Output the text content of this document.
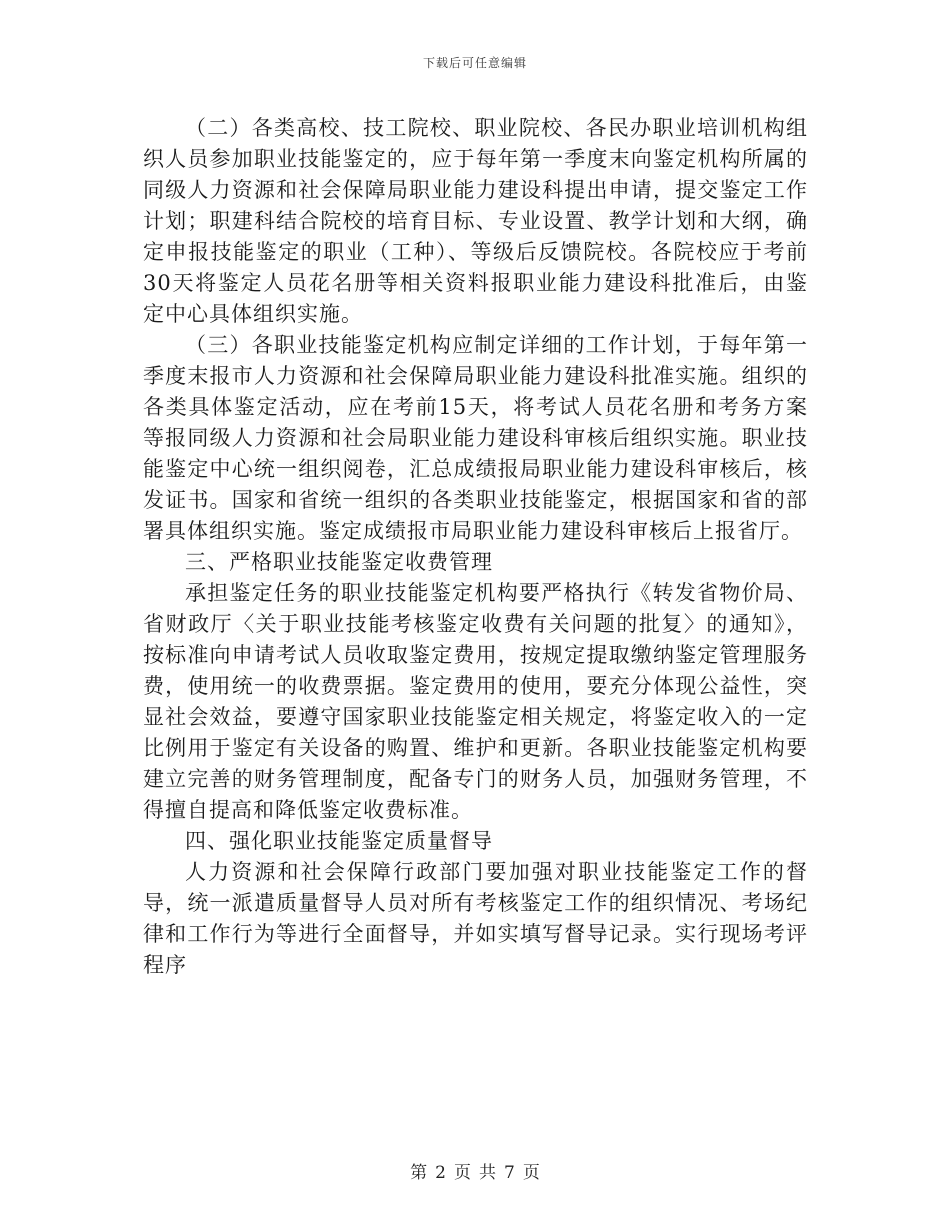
下载后可任意编辑

（二）各类高校、技工院校、职业院校、各民办职业培训机构组织人员参加职业技能鉴定的，应于每年第一季度末向鉴定机构所属的同级人力资源和社会保障局职业能力建设科提出申请，提交鉴定工作计划；职建科结合院校的培育目标、专业设置、教学计划和大纲，确定申报技能鉴定的职业（工种）、等级后反馈院校。各院校应于考前30天将鉴定人员花名册等相关资料报职业能力建设科批准后，由鉴定中心具体组织实施。

（三）各职业技能鉴定机构应制定详细的工作计划，于每年第一季度末报市人力资源和社会保障局职业能力建设科批准实施。组织的各类具体鉴定活动，应在考前15天，将考试人员花名册和考务方案等报同级人力资源和社会局职业能力建设科审核后组织实施。职业技能鉴定中心统一组织阅卷，汇总成绩报局职业能力建设科审核后，核发证书。国家和省统一组织的各类职业技能鉴定，根据国家和省的部署具体组织实施。鉴定成绩报市局职业能力建设科审核后上报省厅。

三、严格职业技能鉴定收费管理

承担鉴定任务的职业技能鉴定机构要严格执行《转发省物价局、省财政厅〈关于职业技能考核鉴定收费有关问题的批复〉的通知》，按标准向申请考试人员收取鉴定费用，按规定提取缴纳鉴定管理服务费，使用统一的收费票据。鉴定费用的使用，要充分体现公益性，突显社会效益，要遵守国家职业技能鉴定相关规定，将鉴定收入的一定比例用于鉴定有关设备的购置、维护和更新。各职业技能鉴定机构要建立完善的财务管理制度，配备专门的财务人员，加强财务管理，不得擅自提高和降低鉴定收费标准。

四、强化职业技能鉴定质量督导

人力资源和社会保障行政部门要加强对职业技能鉴定工作的督导，统一派遣质量督导人员对所有考核鉴定工作的组织情况、考场纪律和工作行为等进行全面督导，并如实填写督导记录。实行现场考评程序

第 2 页 共 7 页
